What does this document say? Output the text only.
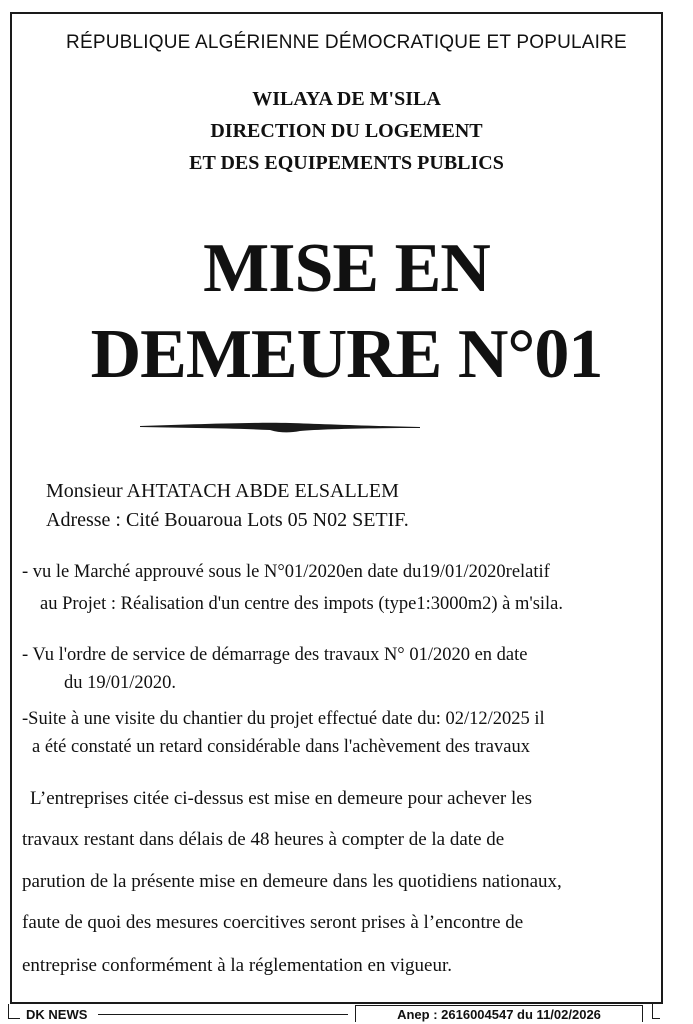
RÉPUBLIQUE ALGÉRIENNE DÉMOCRATIQUE ET POPULAIRE
WILAYA DE M'SILA
DIRECTION DU LOGEMENT
ET DES EQUIPEMENTS PUBLICS
MISE EN
DEMEURE N°01
Monsieur AHTATACH ABDE ELSALLEM
Adresse : Cité Bouaroua Lots 05 N02 SETIF.
- vu le Marché approuvé sous le N°01/2020en date du19/01/2020relatif
au Projet : Réalisation d'un centre des impots (type1:3000m2) à m'sila.
- Vu l'ordre de service de démarrage des travaux N° 01/2020 en date
du 19/01/2020.
-Suite à une visite du chantier du projet effectué date du: 02/12/2025 il
a été constaté un retard considérable dans l'achèvement des travaux
L’entreprises citée ci-dessus est mise en demeure pour achever les
travaux restant dans délais de 48 heures à compter de la date de
parution de la présente mise en demeure dans les quotidiens nationaux,
faute de quoi des mesures coercitives seront prises à l’encontre de
entreprise conformément à la réglementation en vigueur.
DK NEWS	Anep : 2616004547 du 11/02/2026
